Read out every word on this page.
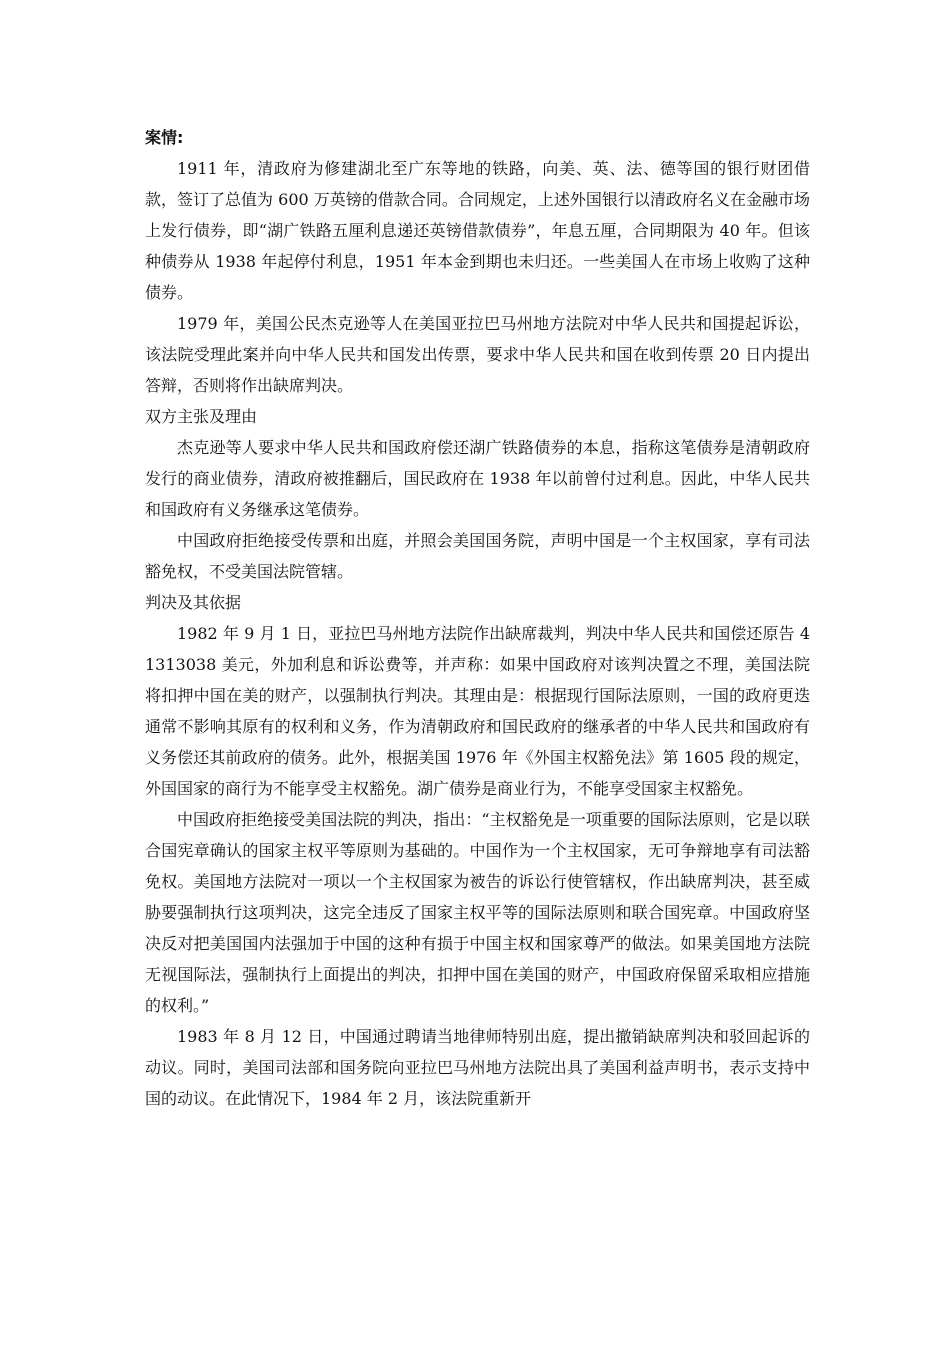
案情:

1911 年，清政府为修建湖北至广东等地的铁路，向美、英、法、德等国的银行财团借款，签订了总值为 600 万英镑的借款合同。合同规定，上述外国银行以清政府名义在金融市场上发行债券，即“湖广铁路五厘利息递还英镑借款债券”，年息五厘，合同期限为 40 年。但该种债券从 1938 年起停付利息，1951 年本金到期也未归还。一些美国人在市场上收购了这种债券。

1979 年，美国公民杰克逊等人在美国亚拉巴马州地方法院对中华人民共和国提起诉讼，该法院受理此案并向中华人民共和国发出传票，要求中华人民共和国在收到传票 20 日内提出答辩，否则将作出缺席判决。

双方主张及理由

杰克逊等人要求中华人民共和国政府偿还湖广铁路债券的本息，指称这笔债券是清朝政府发行的商业债券，清政府被推翻后，国民政府在 1938 年以前曾付过利息。因此，中华人民共和国政府有义务继承这笔债券。

中国政府拒绝接受传票和出庭，并照会美国国务院，声明中国是一个主权国家，享有司法豁免权，不受美国法院管辖。

判决及其依据

1982 年 9 月 1 日，亚拉巴马州地方法院作出缺席裁判，判决中华人民共和国偿还原告 41313038 美元，外加利息和诉讼费等，并声称：如果中国政府对该判决置之不理，美国法院将扣押中国在美的财产，以强制执行判决。其理由是：根据现行国际法原则，一国的政府更迭通常不影响其原有的权利和义务，作为清朝政府和国民政府的继承者的中华人民共和国政府有义务偿还其前政府的债务。此外，根据美国 1976 年《外国主权豁免法》第 1605 段的规定，外国国家的商行为不能享受主权豁免。湖广债券是商业行为，不能享受国家主权豁免。

中国政府拒绝接受美国法院的判决，指出：“主权豁免是一项重要的国际法原则，它是以联合国宪章确认的国家主权平等原则为基础的。中国作为一个主权国家，无可争辩地享有司法豁免权。美国地方法院对一项以一个主权国家为被告的诉讼行使管辖权，作出缺席判决，甚至威胁要强制执行这项判决，这完全违反了国家主权平等的国际法原则和联合国宪章。中国政府坚决反对把美国国内法强加于中国的这种有损于中国主权和国家尊严的做法。如果美国地方法院无视国际法，强制执行上面提出的判决，扣押中国在美国的财产，中国政府保留采取相应措施的权利。”

1983 年 8 月 12 日，中国通过聘请当地律师特别出庭，提出撤销缺席判决和驳回起诉的动议。同时，美国司法部和国务院向亚拉巴马州地方法院出具了美国利益声明书，表示支持中国的动议。在此情况下，1984 年 2 月，该法院重新开
